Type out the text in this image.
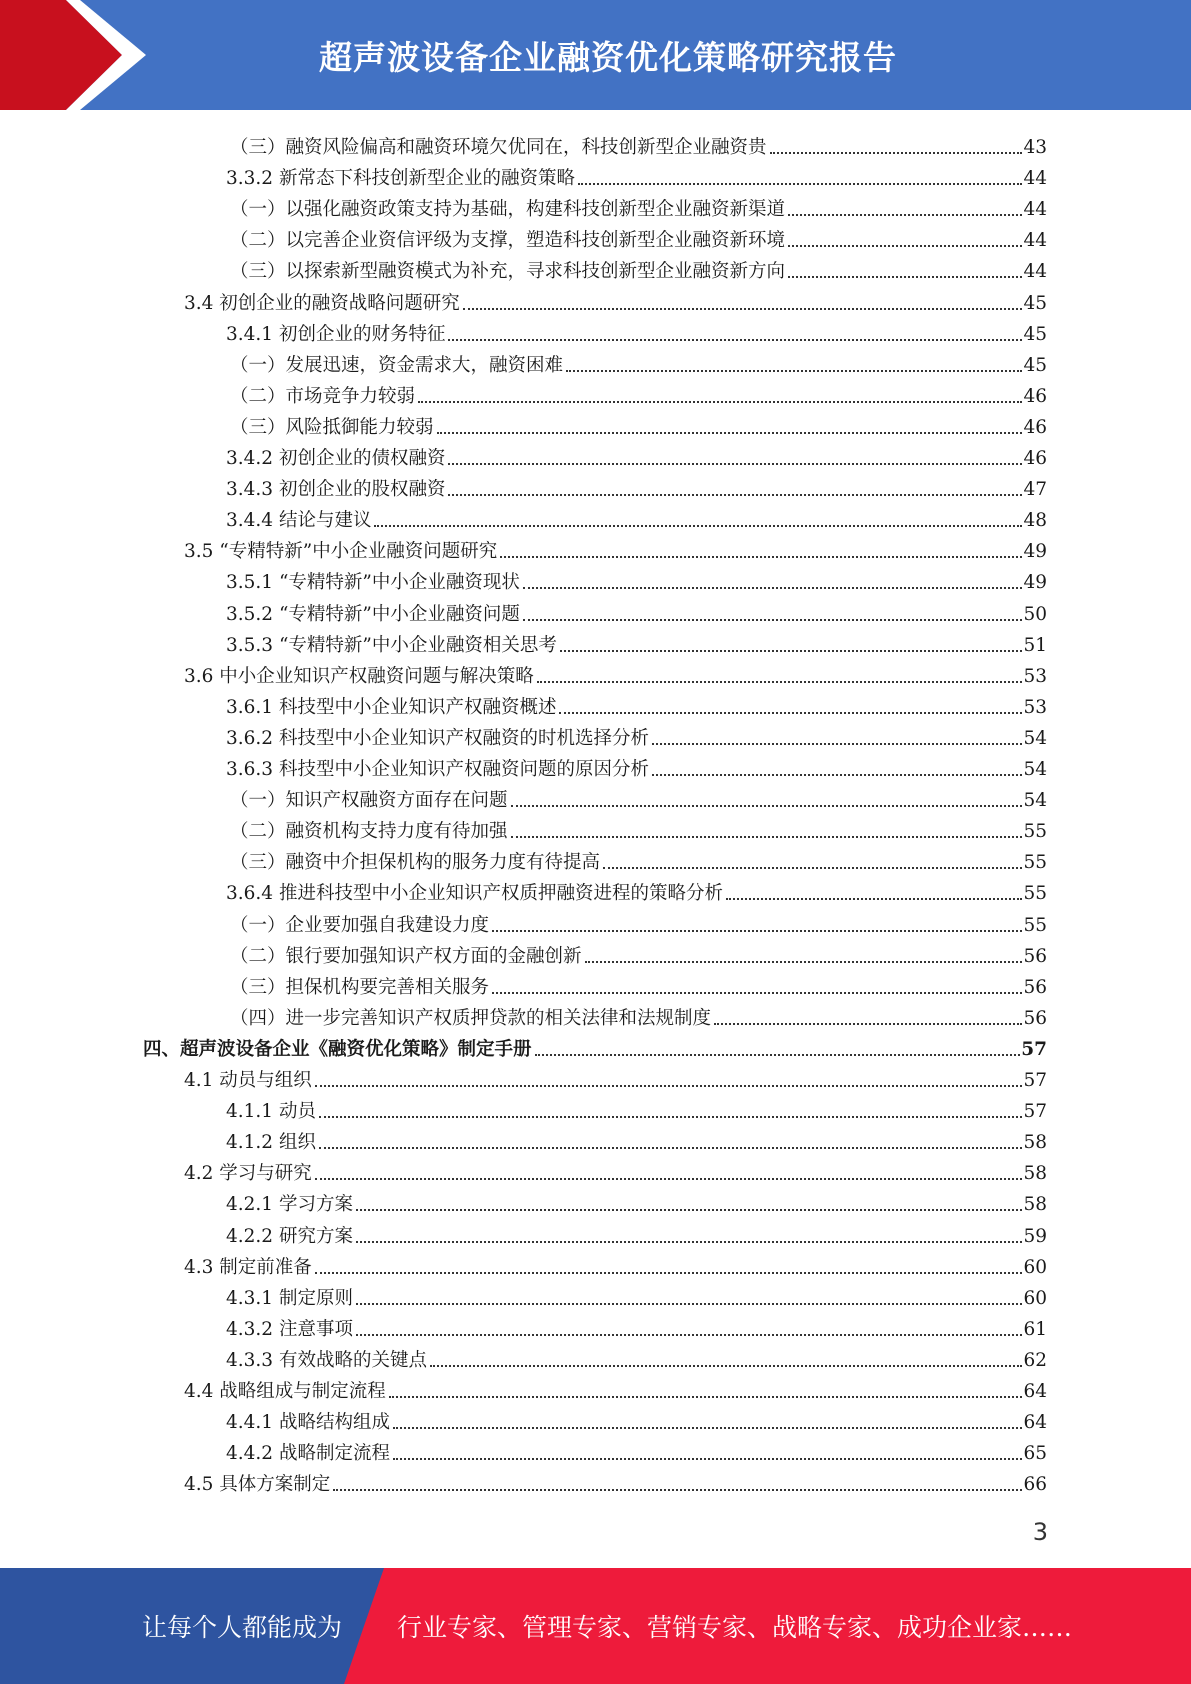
超声波设备企业融资优化策略研究报告
（三）融资风险偏高和融资环境欠优同在，科技创新型企业融资贵	43
3.3.2 新常态下科技创新型企业的融资策略	44
（一）以强化融资政策支持为基础，构建科技创新型企业融资新渠道	44
（二）以完善企业资信评级为支撑，塑造科技创新型企业融资新环境	44
（三）以探索新型融资模式为补充，寻求科技创新型企业融资新方向	44
3.4 初创企业的融资战略问题研究	45
3.4.1 初创企业的财务特征	45
（一）发展迅速，资金需求大，融资困难	45
（二）市场竞争力较弱	46
（三）风险抵御能力较弱	46
3.4.2 初创企业的债权融资	46
3.4.3 初创企业的股权融资	47
3.4.4 结论与建议	48
3.5 “专精特新”中小企业融资问题研究	49
3.5.1 “专精特新”中小企业融资现状	49
3.5.2 “专精特新”中小企业融资问题	50
3.5.3 “专精特新”中小企业融资相关思考	51
3.6 中小企业知识产权融资问题与解决策略	53
3.6.1 科技型中小企业知识产权融资概述	53
3.6.2 科技型中小企业知识产权融资的时机选择分析	54
3.6.3 科技型中小企业知识产权融资问题的原因分析	54
（一）知识产权融资方面存在问题	54
（二）融资机构支持力度有待加强	55
（三）融资中介担保机构的服务力度有待提高	55
3.6.4 推进科技型中小企业知识产权质押融资进程的策略分析	55
（一）企业要加强自我建设力度	55
（二）银行要加强知识产权方面的金融创新	56
（三）担保机构要完善相关服务	56
（四）进一步完善知识产权质押贷款的相关法律和法规制度	56
四、超声波设备企业《融资优化策略》制定手册	57
4.1 动员与组织	57
4.1.1 动员	57
4.1.2 组织	58
4.2 学习与研究	58
4.2.1 学习方案	58
4.2.2 研究方案	59
4.3 制定前准备	60
4.3.1 制定原则	60
4.3.2 注意事项	61
4.3.3 有效战略的关键点	62
4.4 战略组成与制定流程	64
4.4.1 战略结构组成	64
4.4.2 战略制定流程	65
4.5 具体方案制定	66
3
让每个人都能成为 行业专家、管理专家、营销专家、战略专家、成功企业家……
